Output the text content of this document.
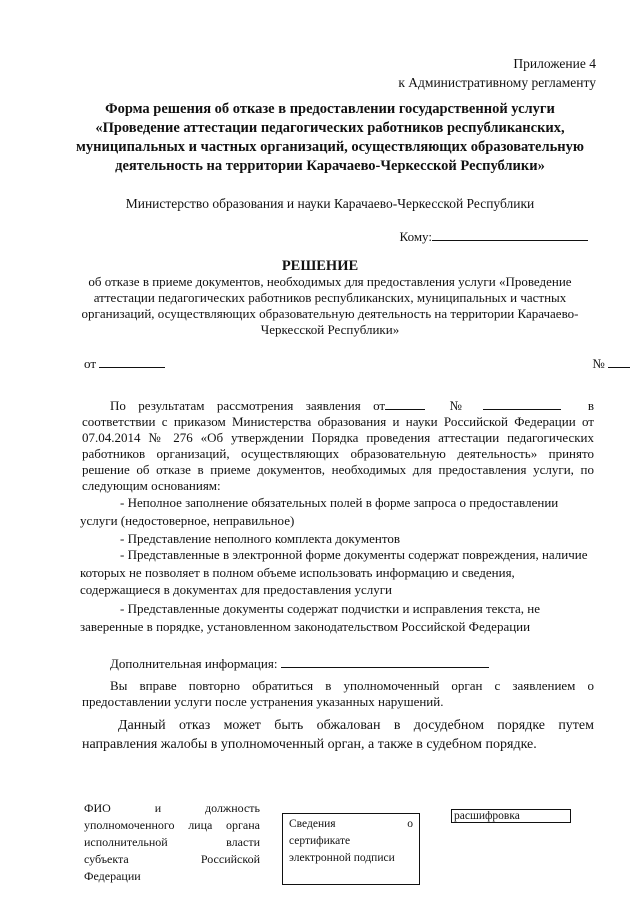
Приложение 4
к Административному регламенту
Форма решения об отказе в предоставлении государственной услуги «Проведение аттестации педагогических работников республиканских, муниципальных и частных организаций, осуществляющих образовательную деятельность на территории Карачаево-Черкесской Республики»
Министерство образования и науки Карачаево-Черкесской Республики
Кому:
РЕШЕНИЕ
об отказе в приеме документов, необходимых для предоставления услуги «Проведение аттестации педагогических работников республиканских, муниципальных и частных организаций, осуществляющих образовательную деятельность на территории Карачаево-Черкесской Республики»
от	№
По результатам рассмотрения заявления от	№	в соответствии с приказом Министерства образования и науки Российской Федерации от 07.04.2014 № 276 «Об утверждении Порядка проведения аттестации педагогических работников организаций, осуществляющих образовательную деятельность» принято решение об отказе в приеме документов, необходимых для предоставления услуги, по следующим основаниям:
- Неполное заполнение обязательных полей в форме запроса о предоставлении услуги (недостоверное, неправильное)
- Представление неполного комплекта документов
- Представленные в электронной форме документы содержат повреждения, наличие которых не позволяет в полном объеме использовать информацию и сведения, содержащиеся в документах для предоставления услуги
- Представленные документы содержат подчистки и исправления текста, не заверенные в порядке, установленном законодательством Российской Федерации
Дополнительная информация:
Вы вправе повторно обратиться в уполномоченный орган с заявлением о предоставлении услуги после устранения указанных нарушений.
Данный отказ может быть обжалован в досудебном порядке путем направления жалобы в уполномоченный орган, а также в судебном порядке.
ФИО и должность
уполномоченного лица органа
исполнительной власти
субъекта Российской
Федерации
Сведения	о
сертификате
электронной подписи
расшифровка
